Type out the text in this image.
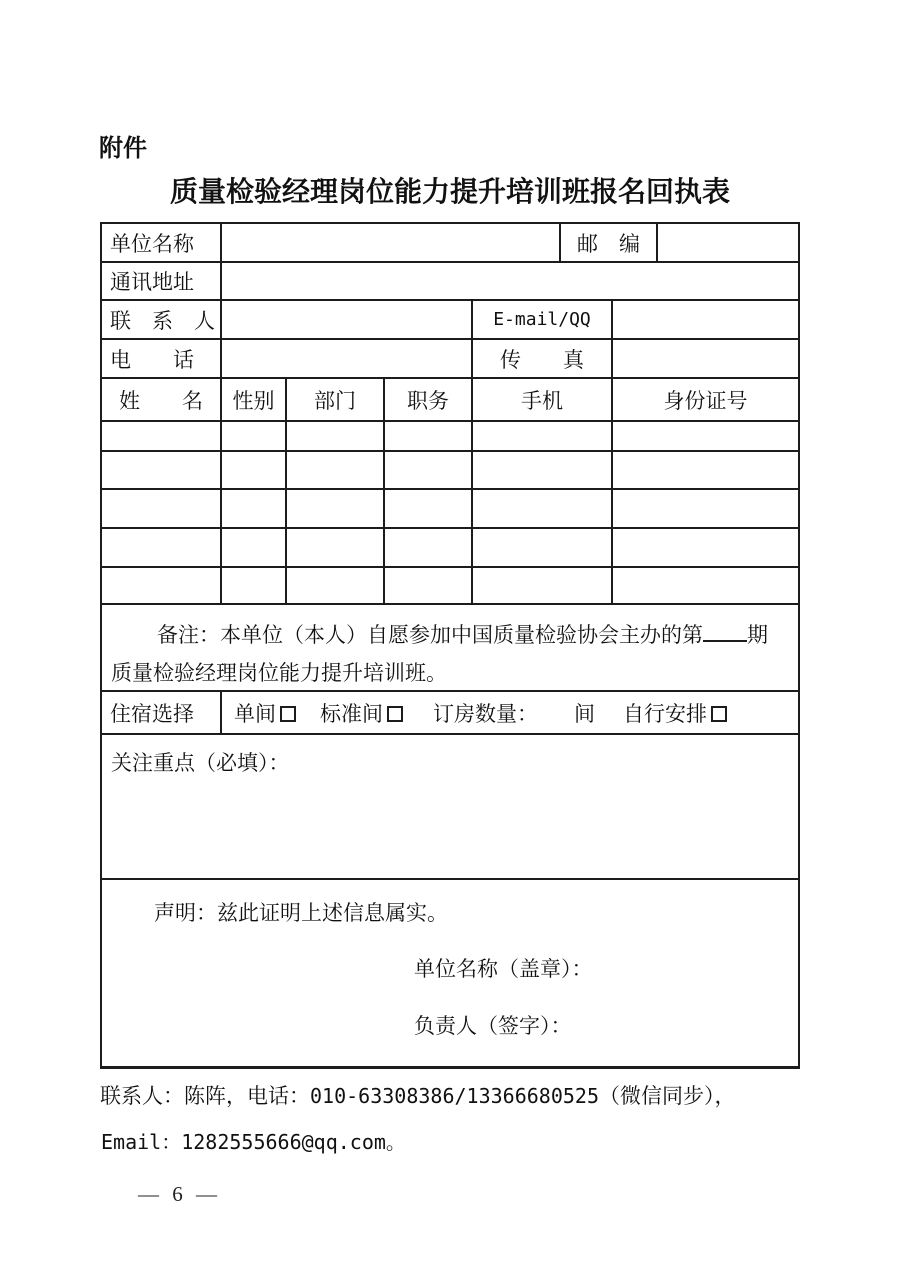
附件
质量检验经理岗位能力提升培训班报名回执表
单位名称	邮　编
通讯地址
联　系　人	E-mail/QQ
电　　话	传　　真
姓　　名	性别	部门	职务	手机	身份证号

备注：本单位（本人）自愿参加中国质量检验协会主办的第 期

质量检验经理岗位能力提升培训班。

住宿选择	单间	标准间	订房数量： 间 自行安排
关注重点（必填）：

声明：兹此证明上述信息属实。

单位名称（盖章）：

负责人（签字）：

联系人：陈阵，电话：010-63308386/13366680525（微信同步），
Email：1282555666@qq.com。
— 6 —
